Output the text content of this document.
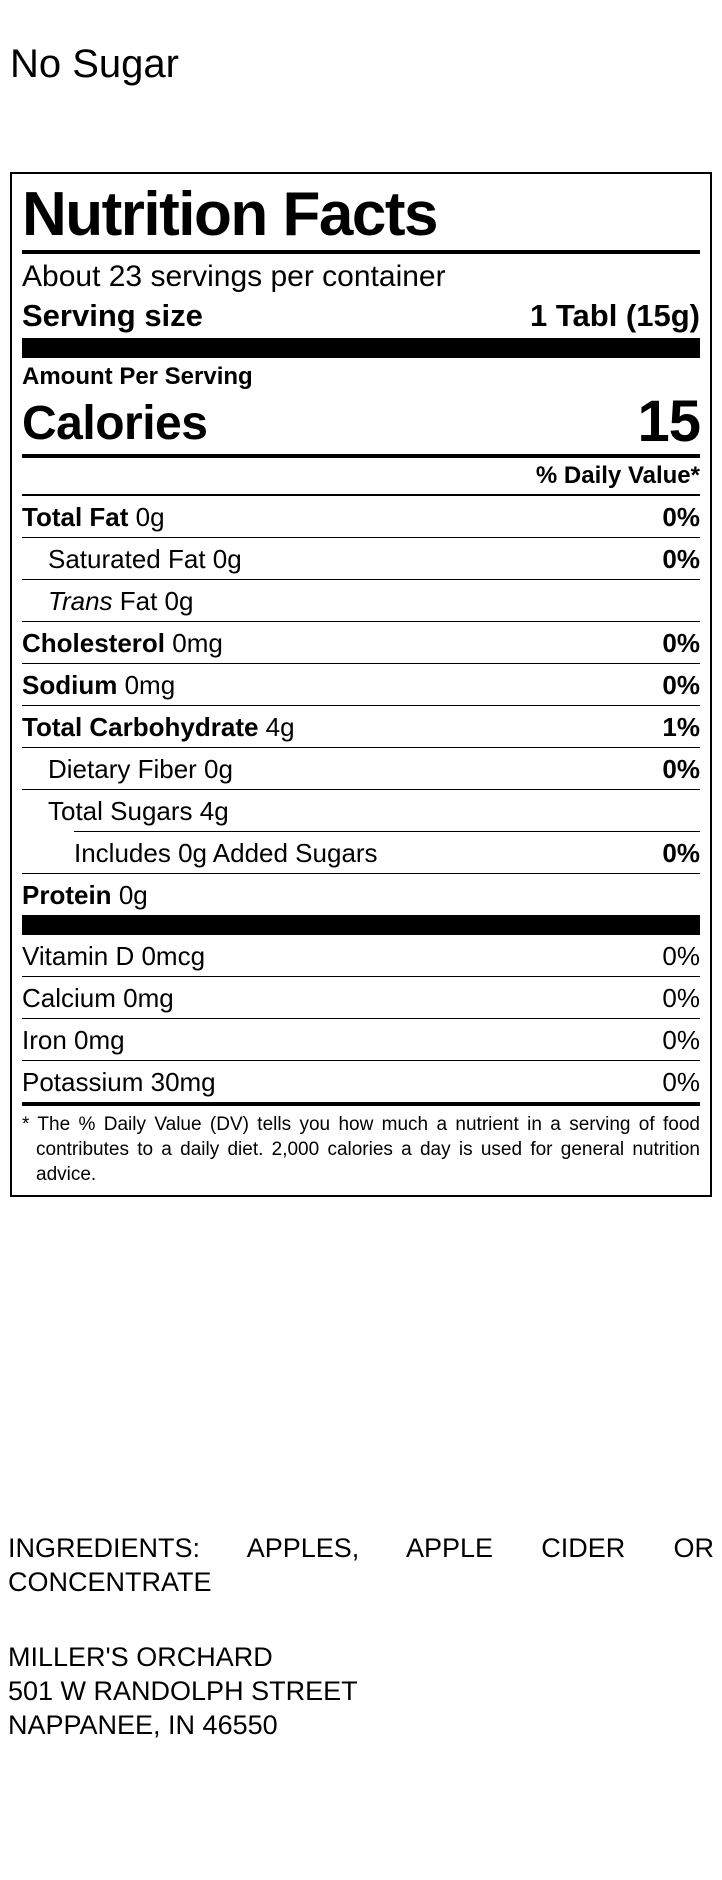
No Sugar
Nutrition Facts
About 23 servings per container
Serving size	1 Tabl (15g)
Amount Per Serving
Calories	15
% Daily Value*
Total Fat 0g	0%
Saturated Fat 0g	0%
Trans Fat 0g
Cholesterol 0mg	0%
Sodium 0mg	0%
Total Carbohydrate 4g	1%
Dietary Fiber 0g	0%
Total Sugars 4g
Includes 0g Added Sugars	0%
Protein 0g
Vitamin D 0mcg	0%
Calcium 0mg	0%
Iron 0mg	0%
Potassium 30mg	0%
* The % Daily Value (DV) tells you how much a nutrient in a serving of food contributes to a daily diet. 2,000 calories a day is used for general nutrition advice.
INGREDIENTS: APPLES, APPLE CIDER OR CONCENTRATE
MILLER'S ORCHARD
501 W RANDOLPH STREET
NAPPANEE, IN 46550
